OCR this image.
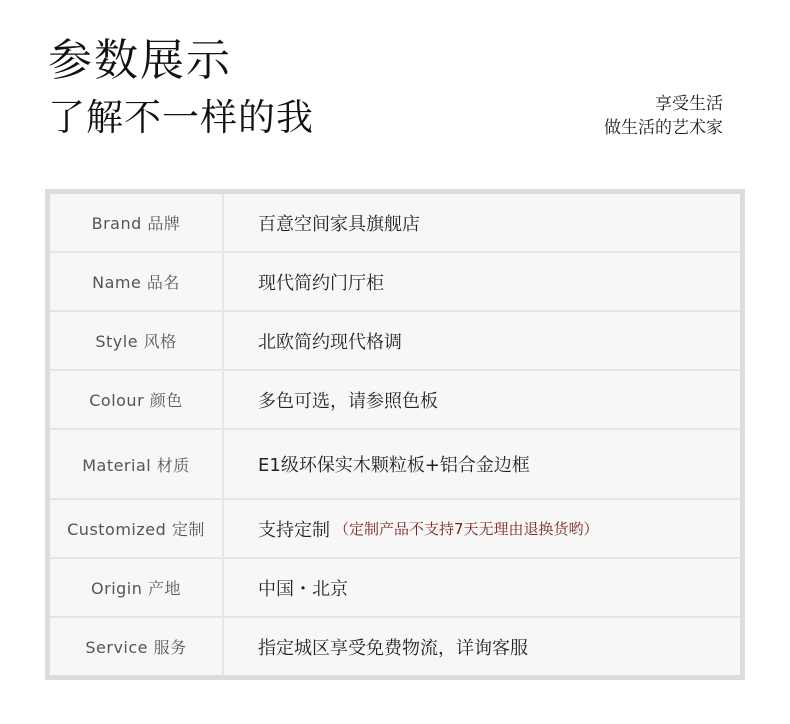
参数展示
了解不一样的我	享受生活
做生活的艺术家
Brand 品牌	百意空间家具旗舰店
Name 品名	现代简约门厅柜
Style 风格	北欧简约现代格调
Colour 颜色	多色可选，请参照色板
Material 材质	E1级环保实木颗粒板+铝合金边框
Customized 定制	支持定制 （定制产品不支持7天无理由退换货哟）
Origin 产地	中国・北京
Service 服务	指定城区享受免费物流，详询客服
